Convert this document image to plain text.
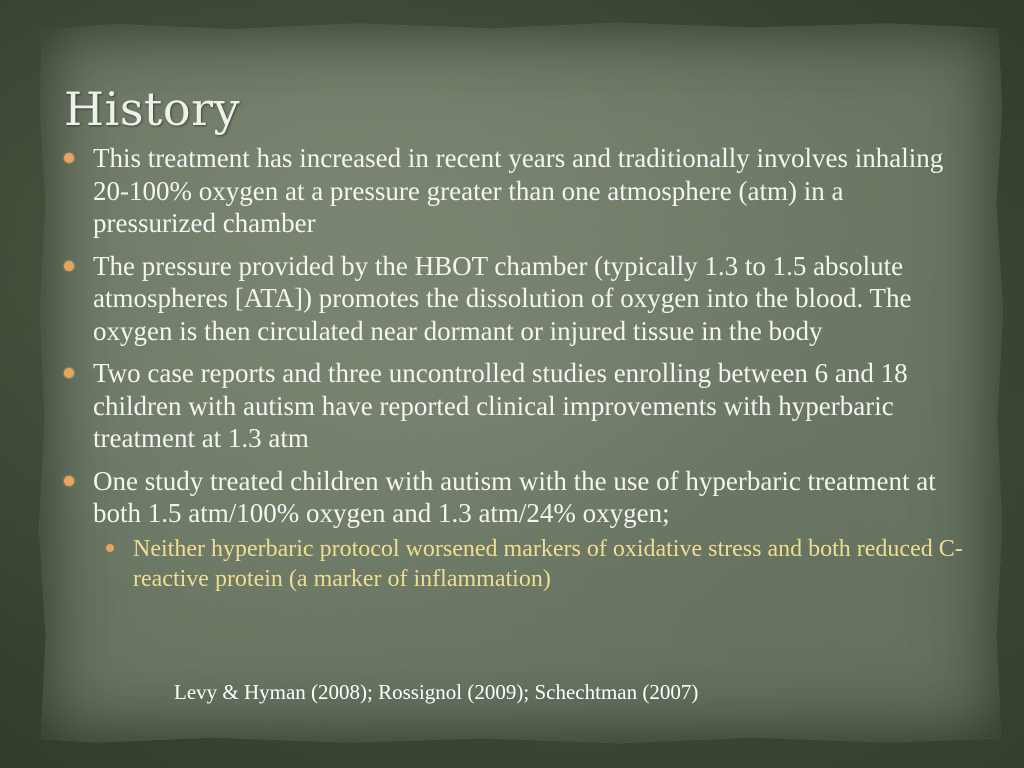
History
This treatment has increased in recent years and traditionally involves inhaling 20-100% oxygen at a pressure greater than one atmosphere (atm) in a pressurized chamber
The pressure provided by the HBOT chamber (typically 1.3 to 1.5 absolute atmospheres [ATA]) promotes the dissolution of oxygen into the blood. The oxygen is then circulated near dormant or injured tissue in the body
Two case reports and three uncontrolled studies enrolling between 6 and 18 children with autism have reported clinical improvements with hyperbaric treatment at 1.3 atm
One study treated children with autism with the use of hyperbaric treatment at both 1.5 atm/100% oxygen and 1.3 atm/24% oxygen;
Neither hyperbaric protocol worsened markers of oxidative stress and both reduced C-reactive protein (a marker of inflammation)
Levy & Hyman (2008); Rossignol (2009); Schechtman (2007)
